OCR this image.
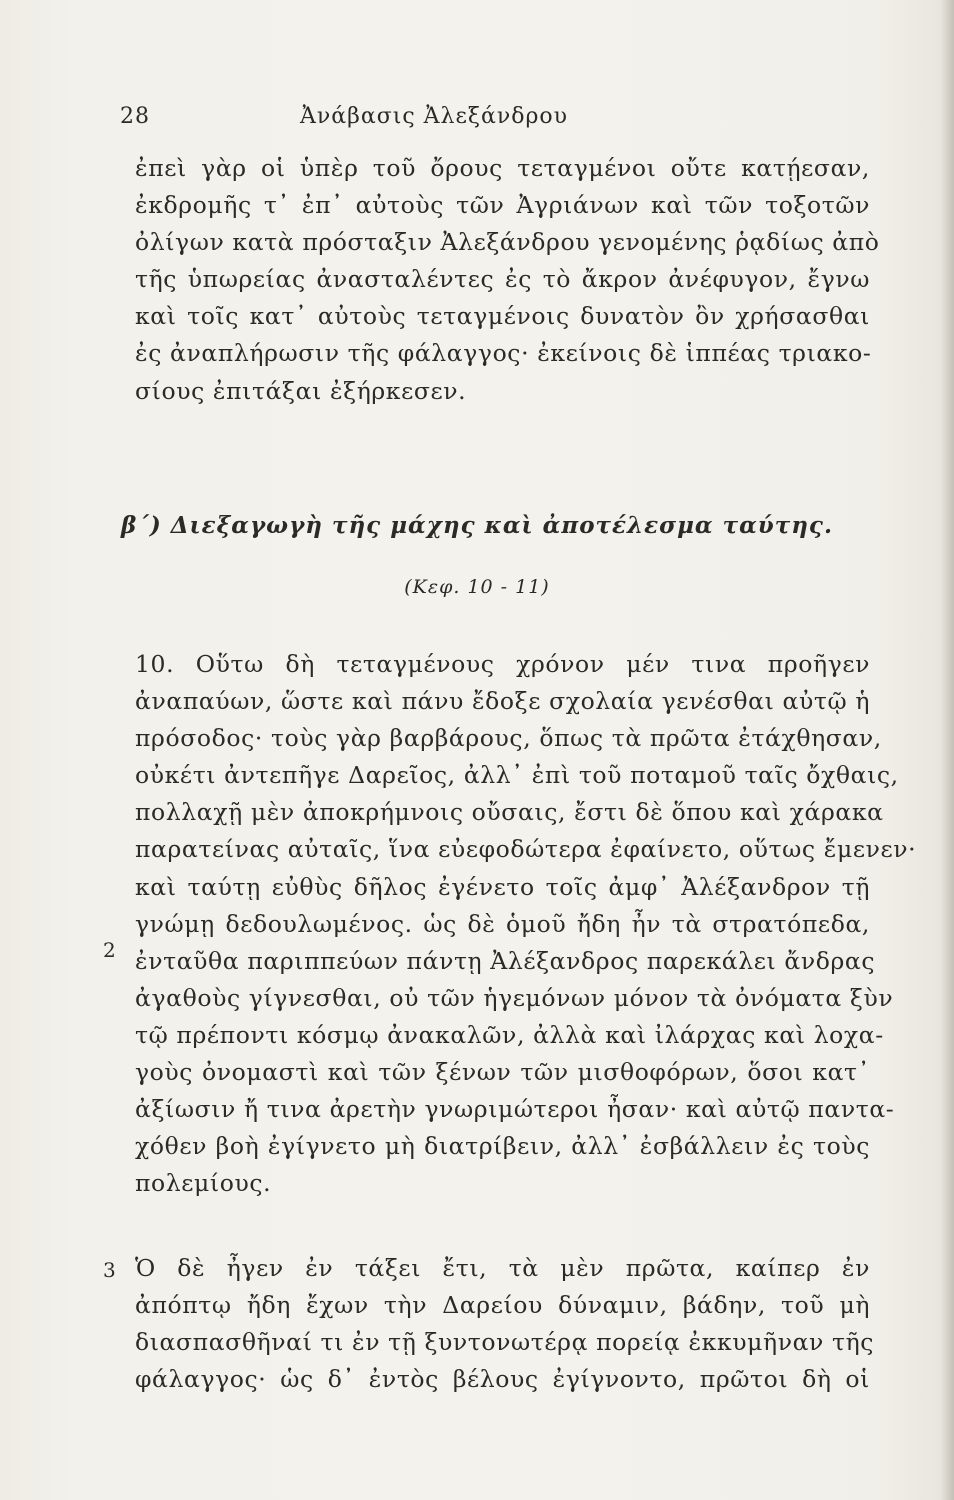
28	Ἀνάβασις Ἀλεξάνδρου
ἐπεὶ γὰρ οἱ ὑπὲρ τοῦ ὄρους τεταγμένοι οὔτε κατῄεσαν,
ἐκδρομῆς τ᾽ ἐπ᾽ αὐτοὺς τῶν Ἀγριάνων καὶ τῶν τοξοτῶν
ὀλίγων κατὰ πρόσταξιν Ἀλεξάνδρου γενομένης ῥᾳδίως ἀπὸ
τῆς ὑπωρείας ἀνασταλέντες ἐς τὸ ἄκρον ἀνέφυγον, ἔγνω
καὶ τοῖς κατ᾽ αὐτοὺς τεταγμένοις δυνατὸν ὂν χρήσασθαι
ἐς ἀναπλήρωσιν τῆς φάλαγγος· ἐκείνοις δὲ ἱππέας τριακο-
σίους ἐπιτάξαι ἐξήρκεσεν.
β΄) Διεξαγωγὴ τῆς μάχης καὶ ἀποτέλεσμα ταύτης.
(Κεφ. 10 - 11)
10. Οὕτω δὴ τεταγμένους χρόνον μέν τινα προῆγεν
ἀναπαύων, ὥστε καὶ πάνυ ἔδοξε σχολαία γενέσθαι αὐτῷ ἡ
πρόσοδος· τοὺς γὰρ βαρβάρους, ὅπως τὰ πρῶτα ἐτάχθησαν,
οὐκέτι ἀντεπῆγε Δαρεῖος, ἀλλ᾽ ἐπὶ τοῦ ποταμοῦ ταῖς ὄχθαις,
πολλαχῇ μὲν ἀποκρήμνοις οὔσαις, ἔστι δὲ ὅπου καὶ χάρακα
παρατείνας αὐταῖς, ἵνα εὐεφοδώτερα ἐφαίνετο, οὕτως ἔμενεν·
καὶ ταύτῃ εὐθὺς δῆλος ἐγένετο τοῖς ἀμφ᾽ Ἀλέξανδρον τῇ
γνώμῃ δεδουλωμένος. ὡς δὲ ὁμοῦ ἤδη ἦν τὰ στρατόπεδα,
ἐνταῦθα παριππεύων πάντῃ Ἀλέξανδρος παρεκάλει ἄνδρας
ἀγαθοὺς γίγνεσθαι, οὐ τῶν ἡγεμόνων μόνον τὰ ὀνόματα ξὺν
τῷ πρέποντι κόσμῳ ἀνακαλῶν, ἀλλὰ καὶ ἰλάρχας καὶ λοχα-
γοὺς ὀνομαστὶ καὶ τῶν ξένων τῶν μισθοφόρων, ὅσοι κατ᾽
ἀξίωσιν ἤ τινα ἀρετὴν γνωριμώτεροι ἦσαν· καὶ αὐτῷ παντα-
χόθεν βοὴ ἐγίγνετο μὴ διατρίβειν, ἀλλ᾽ ἐσβάλλειν ἐς τοὺς
πολεμίους.
2
3 Ὁ δὲ ἦγεν ἐν τάξει ἔτι, τὰ μὲν πρῶτα, καίπερ ἐν
ἀπόπτῳ ἤδη ἔχων τὴν Δαρείου δύναμιν, βάδην, τοῦ μὴ
διασπασθῆναί τι ἐν τῇ ξυντονωτέρᾳ πορείᾳ ἐκκυμῆναν τῆς
φάλαγγος· ὡς δ᾽ ἐντὸς βέλους ἐγίγνοντο, πρῶτοι δὴ οἱ
